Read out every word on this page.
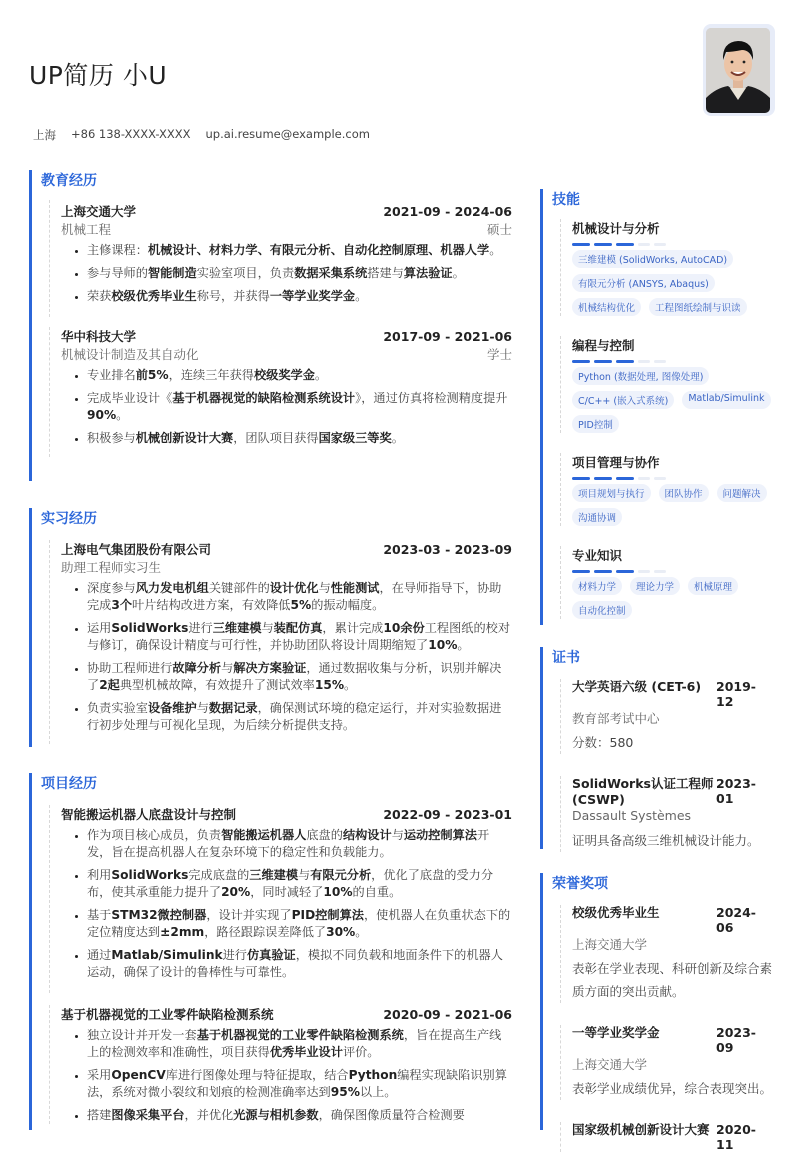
UP简历 小U
上海 +86 138-XXXX-XXXX up.ai.resume@example.com
教育经历
上海交通大学	2021-09 - 2024-06
机械工程	硕士
• 主修课程：机械设计、材料力学、有限元分析、自动化控制原理、机器人学。
• 参与导师的智能制造实验室项目，负责数据采集系统搭建与算法验证。
• 荣获校级优秀毕业生称号，并获得一等学业奖学金。
华中科技大学	2017-09 - 2021-06
机械设计制造及其自动化	学士
• 专业排名前5%，连续三年获得校级奖学金。
• 完成毕业设计《基于机器视觉的缺陷检测系统设计》，通过仿真将检测精度提升90%。
• 积极参与机械创新设计大赛，团队项目获得国家级三等奖。
实习经历
上海电气集团股份有限公司	2023-03 - 2023-09
助理工程师实习生
• 深度参与风力发电机组关键部件的设计优化与性能测试，在导师指导下，协助完成3个叶片结构改进方案，有效降低5%的振动幅度。
• 运用SolidWorks进行三维建模与装配仿真，累计完成10余份工程图纸的校对与修订，确保设计精度与可行性，并协助团队将设计周期缩短了10%。
• 协助工程师进行故障分析与解决方案验证，通过数据收集与分析，识别并解决了2起典型机械故障，有效提升了测试效率15%。
• 负责实验室设备维护与数据记录，确保测试环境的稳定运行，并对实验数据进行初步处理与可视化呈现，为后续分析提供支持。
项目经历
智能搬运机器人底盘设计与控制	2022-09 - 2023-01
• 作为项目核心成员，负责智能搬运机器人底盘的结构设计与运动控制算法开发，旨在提高机器人在复杂环境下的稳定性和负载能力。
• 利用SolidWorks完成底盘的三维建模与有限元分析，优化了底盘的受力分布，使其承重能力提升了20%，同时减轻了10%的自重。
• 基于STM32微控制器，设计并实现了PID控制算法，使机器人在负重状态下的定位精度达到±2mm，路径跟踪误差降低了30%。
• 通过Matlab/Simulink进行仿真验证，模拟不同负载和地面条件下的机器人运动，确保了设计的鲁棒性与可靠性。
基于机器视觉的工业零件缺陷检测系统	2020-09 - 2021-06
• 独立设计并开发一套基于机器视觉的工业零件缺陷检测系统，旨在提高生产线上的检测效率和准确性，项目获得优秀毕业设计评价。
• 采用OpenCV库进行图像处理与特征提取，结合Python编程实现缺陷识别算法，系统对微小裂纹和划痕的检测准确率达到95%以上。
• 搭建图像采集平台，并优化光源与相机参数，确保图像质量符合检测要
技能
机械设计与分析
三维建模 (SolidWorks, AutoCAD)
有限元分析 (ANSYS, Abaqus)
机械结构优化	工程图纸绘制与识读
编程与控制
Python (数据处理, 图像处理)
C/C++ (嵌入式系统)	Matlab/Simulink
PID控制
项目管理与协作
项目规划与执行	团队协作	问题解决
沟通协调
专业知识
材料力学	理论力学	机械原理
自动化控制
证书
大学英语六级 (CET-6)	2019-12
教育部考试中心
分数：580
SolidWorks认证工程师 (CSWP)
2023-01
Dassault Systèmes
证明具备高级三维机械设计能力。
荣誉奖项
校级优秀毕业生	2024-06
上海交通大学
表彰在学业表现、科研创新及综合素质方面的突出贡献。
一等学业奖学金	2023-09
上海交通大学
表彰学业成绩优异，综合表现突出。
国家级机械创新设计大赛 2020-11
